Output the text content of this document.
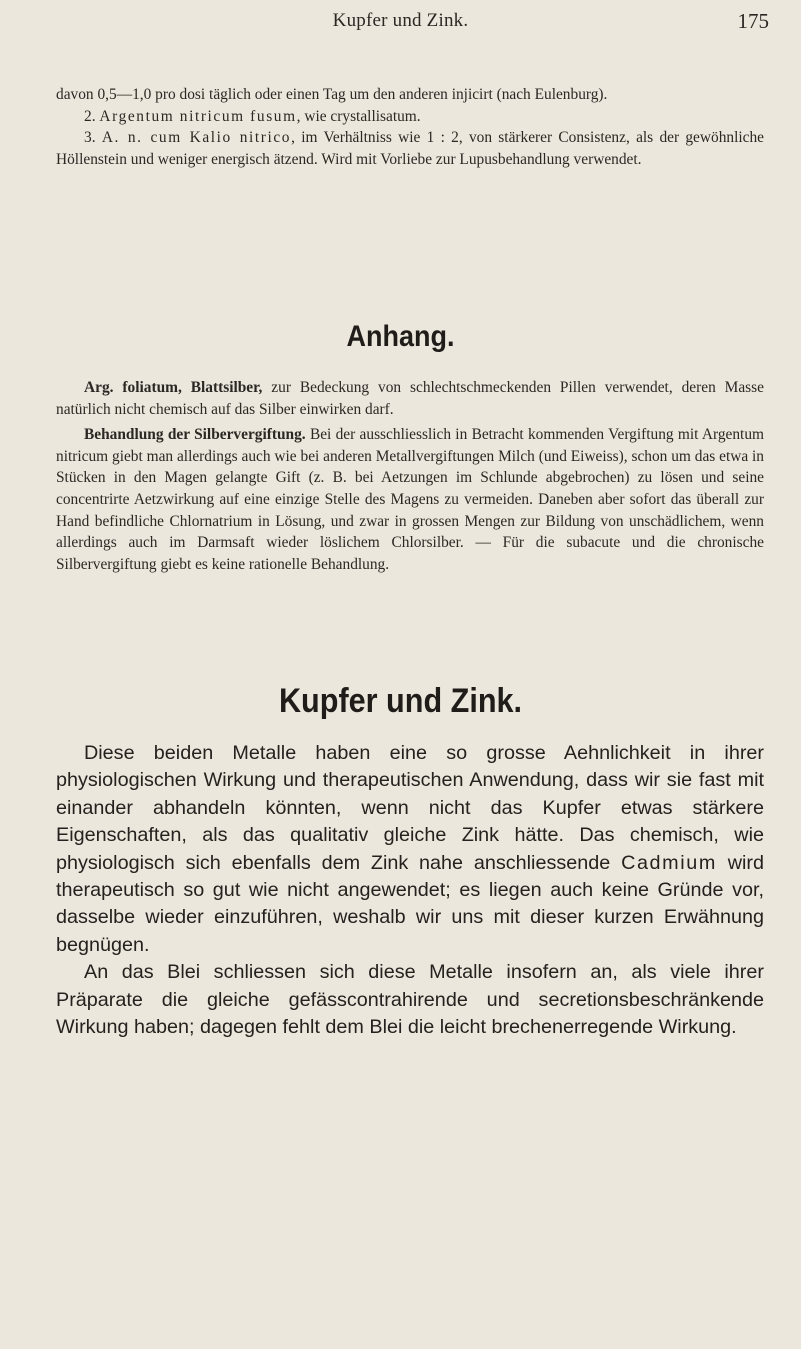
Kupfer und Zink.	175

davon 0,5—1,0 pro dosi täglich oder einen Tag um den anderen injicirt (nach Eulenburg).

2. Argentum nitricum fusum, wie crystallisatum.

3. A. n. cum Kalio nitrico, im Verhältniss wie 1 : 2, von stärkerer Consistenz, als der gewöhnliche Höllenstein und weniger energisch ätzend. Wird mit Vorliebe zur Lupusbehandlung verwendet.

Anhang.

Arg. foliatum, Blattsilber, zur Bedeckung von schlechtschmeckenden Pillen verwendet, deren Masse natürlich nicht chemisch auf das Silber einwirken darf.

Behandlung der Silbervergiftung. Bei der ausschliesslich in Betracht kommenden Vergiftung mit Argentum nitricum giebt man allerdings auch wie bei anderen Metallvergiftungen Milch (und Eiweiss), schon um das etwa in Stücken in den Magen gelangte Gift (z. B. bei Aetzungen im Schlunde abgebrochen) zu lösen und seine concentrirte Aetzwirkung auf eine einzige Stelle des Magens zu vermeiden. Daneben aber sofort das überall zur Hand befindliche Chlornatrium in Lösung, und zwar in grossen Mengen zur Bildung von unschädlichem, wenn allerdings auch im Darmsaft wieder löslichem Chlorsilber. — Für die subacute und die chronische Silbervergiftung giebt es keine rationelle Behandlung.

Kupfer und Zink.

Diese beiden Metalle haben eine so grosse Aehnlichkeit in ihrer physiologischen Wirkung und therapeutischen Anwendung, dass wir sie fast mit einander abhandeln könnten, wenn nicht das Kupfer etwas stärkere Eigenschaften, als das qualitativ gleiche Zink hätte. Das chemisch, wie physiologisch sich ebenfalls dem Zink nahe anschliessende Cadmium wird therapeutisch so gut wie nicht angewendet; es liegen auch keine Gründe vor, dasselbe wieder einzuführen, weshalb wir uns mit dieser kurzen Erwähnung begnügen.

An das Blei schliessen sich diese Metalle insofern an, als viele ihrer Präparate die gleiche gefässcontrahirende und secretionsbeschränkende Wirkung haben; dagegen fehlt dem Blei die leicht brechenerregende Wirkung.
